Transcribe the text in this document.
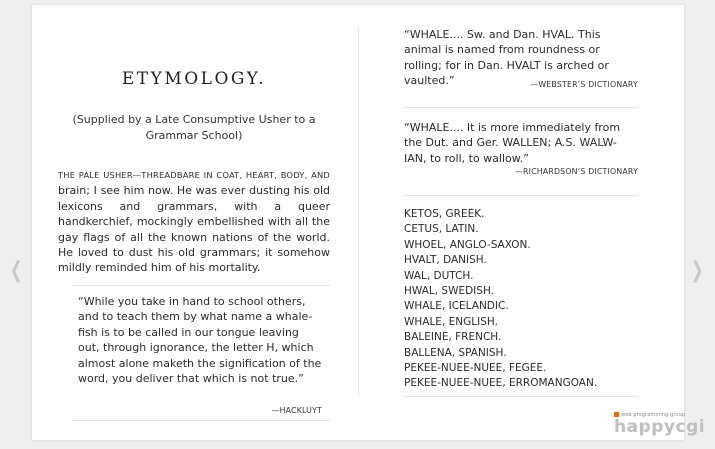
ETYMOLOGY.
(Supplied by a Late Consumptive Usher to a
Grammar School)
THE PALE USHER—THREADBARE IN COAT, HEART, BODY, AND brain; I see him now. He was ever dusting his old lexicons and grammars, with a queer handkerchief, mockingly embellished with all the gay flags of all the known nations of the world. He loved to dust his old grammars; it somehow mildly reminded him of his mortality.
“While you take in hand to school others, and to teach them by what name a whale-fish is to be called in our tongue leaving out, through ignorance, the letter H, which almost alone maketh the signification of the word, you deliver that which is not true.”
—HACKLUYT
“WHALE.... Sw. and Dan. HVAL. This animal is named from roundness or rolling; for in Dan. HVALT is arched or vaulted.”	—WEBSTER’S DICTIONARY
“WHALE.... It is more immediately from the Dut. and Ger. WALLEN; A.S. WALW-IAN, to roll, to wallow.”
—RICHARDSON’S DICTIONARY
KETOS, GREEK.
CETUS, LATIN.
WHOEL, ANGLO-SAXON.
HVALT, DANISH.
WAL, DUTCH.
HWAL, SWEDISH.
WHALE, ICELANDIC.
WHALE, ENGLISH.
BALEINE, FRENCH.
BALLENA, SPANISH.
PEKEE-NUEE-NUEE, FEGEE.
PEKEE-NUEE-NUEE, ERROMANGOAN.
❮	❯
web programming group
happycgi
